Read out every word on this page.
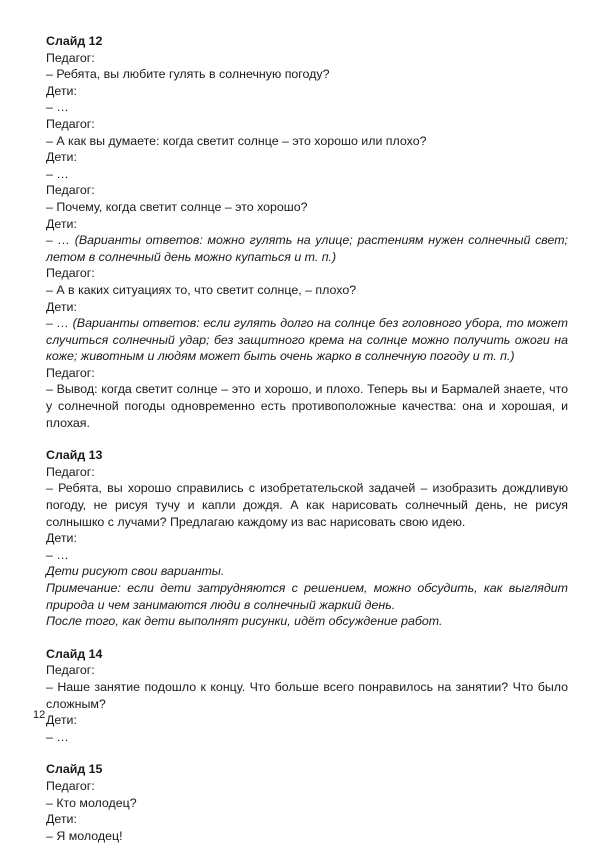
Слайд 12

Педагог:

– Ребята, вы любите гулять в солнечную погоду?

Дети:

– …

Педагог:

– А как вы думаете: когда светит солнце – это хорошо или плохо?

Дети:

– …

Педагог:

– Почему, когда светит солнце – это хорошо?

Дети:

– … (Варианты ответов: можно гулять на улице; растениям нужен солнечный свет; летом в солнечный день можно купаться и т. п.)

Педагог:

– А в каких ситуациях то, что светит солнце, – плохо?

Дети:

– … (Варианты ответов: если гулять долго на солнце без головного убора, то может случиться солнечный удар; без защитного крема на солнце можно получить ожоги на коже; животным и людям может быть очень жарко в солнечную погоду и т. п.)

Педагог:

– Вывод: когда светит солнце – это и хорошо, и плохо. Теперь вы и Бармалей знаете, что у солнечной погоды одновременно есть противоположные качества: она и хорошая, и плохая.

Слайд 13

Педагог:

– Ребята, вы хорошо справились с изобретательской задачей – изобразить дождливую погоду, не рисуя тучу и капли дождя. А как нарисовать солнечный день, не рисуя солнышко с лучами? Предлагаю каждому из вас нарисовать свою идею.

Дети:

– …

Дети рисуют свои варианты.

Примечание: если дети затрудняются с решением, можно обсудить, как выглядит природа и чем занимаются люди в солнечный жаркий день.

После того, как дети выполнят рисунки, идёт обсуждение работ.

Слайд 14

Педагог:

– Наше занятие подошло к концу. Что больше всего понравилось на занятии? Что было сложным?

Дети:

– …

Слайд 15

Педагог:

– Кто молодец?

Дети:

– Я молодец!

12
